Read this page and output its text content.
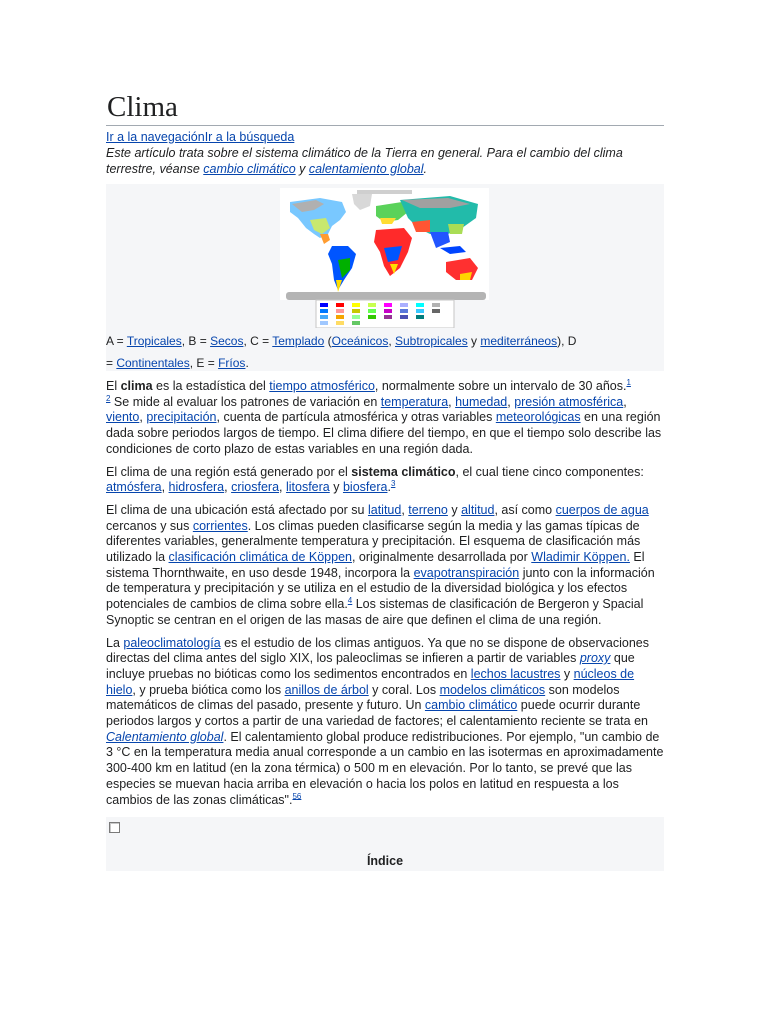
Clima
Ir a la navegaciónIr a la búsqueda
Este artículo trata sobre el sistema climático de la Tierra en general. Para el cambio del clima terrestre, véanse cambio climático y calentamiento global.
A = Tropicales, B = Secos, C = Templado (Oceánicos, Subtropicales y mediterráneos), D = Continentales, E = Fríos.

El clima es la estadística del tiempo atmosférico, normalmente sobre un intervalo de 30 años.$^1$
$^2$ Se mide al evaluar los patrones de variación en temperatura, humedad, presión atmosférica, viento, precipitación, cuenta de partícula atmosférica y otras variables meteorológicas en una región dada sobre periodos largos de tiempo. El clima difiere del tiempo, en que el tiempo solo describe las condiciones de corto plazo de estas variables en una región dada.

El clima de una región está generado por el sistema climático, el cual tiene cinco componentes: atmósfera, hidrosfera, criosfera, litosfera y biosfera.$^3$

El clima de una ubicación está afectado por su latitud, terreno y altitud, así como cuerpos de agua cercanos y sus corrientes. Los climas pueden clasificarse según la media y las gamas típicas de diferentes variables, generalmente temperatura y precipitación. El esquema de clasificación más utilizado la clasificación climática de Köppen, originalmente desarrollada por Wladimir Köppen. El sistema Thornthwaite, en uso desde 1948, incorpora la evapotranspiración junto con la información de temperatura y precipitación y se utiliza en el estudio de la diversidad biológica y los efectos potenciales de cambios de clima sobre ella.$^4$ Los sistemas de clasificación de Bergeron y Spacial Synoptic se centran en el origen de las masas de aire que definen el clima de una región.

La paleoclimatología es el estudio de los climas antiguos. Ya que no se dispone de observaciones directas del clima antes del siglo XIX, los paleoclimas se infieren a partir de variables proxy que incluye pruebas no bióticas como los sedimentos encontrados en lechos lacustres y núcleos de hielo, y prueba biótica como los anillos de árbol y coral. Los modelos climáticos son modelos matemáticos de climas del pasado, presente y futuro. Un cambio climático puede ocurrir durante periodos largos y cortos a partir de una variedad de factores; el calentamiento reciente se trata en Calentamiento global. El calentamiento global produce redistribuciones. Por ejemplo, "un cambio de 3 °C en la temperatura media anual corresponde a un cambio en las isotermas en aproximadamente 300-400 km en latitud (en la zona térmica) o 500 m en elevación. Por lo tanto, se prevé que las especies se muevan hacia arriba en elevación o hacia los polos en latitud en respuesta a los cambios de las zonas climáticas".$^{56}$

Índice
